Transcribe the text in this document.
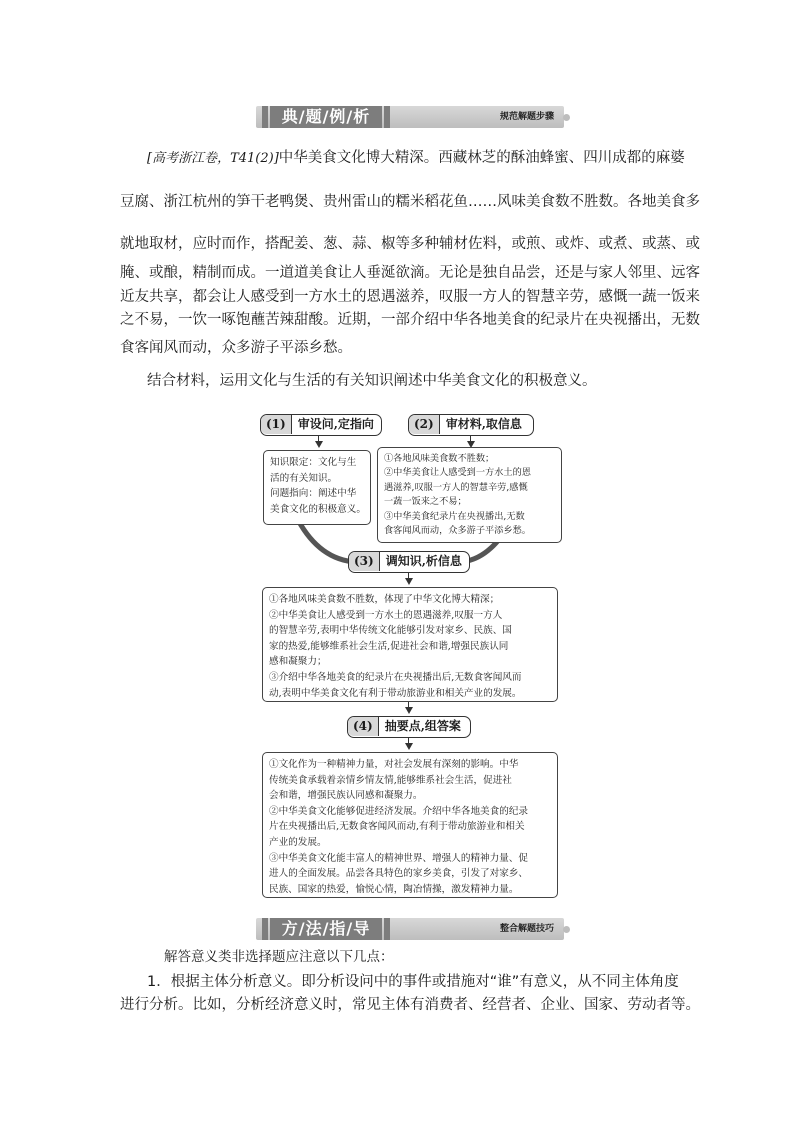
典/题/例/析	规范解题步骤
[高考浙江卷，T41(2)]中华美食文化博大精深。西藏林芝的酥油蜂蜜、四川成都的麻婆
豆腐、浙江杭州的笋干老鸭煲、贵州雷山的糯米稻花鱼……风味美食数不胜数。各地美食多
就地取材，应时而作，搭配姜、葱、蒜、椒等多种辅材佐料，或煎、或炸、或煮、或蒸、或
腌、或酿，精制而成。一道道美食让人垂涎欲滴。无论是独自品尝，还是与家人邻里、远客
近友共享，都会让人感受到一方水土的恩遇滋养，叹服一方人的智慧辛劳，感慨一蔬一饭来
之不易，一饮一啄饱蘸苦辣甜酸。近期，一部介绍中华各地美食的纪录片在央视播出，无数
食客闻风而动，众多游子平添乡愁。
结合材料，运用文化与生活的有关知识阐述中华美食文化的积极意义。
(1) 审设问,定指向	(2) 审材料,取信息
知识限定：文化与生
活的有关知识。
问题指向：阐述中华
美食文化的积极意义。
①各地风味美食数不胜数；
②中华美食让人感受到一方水土的恩
遇滋养,叹服一方人的智慧辛劳,感慨
一蔬一饭来之不易；
③中华美食纪录片在央视播出,无数
食客闻风而动，众多游子平添乡愁。
(3) 调知识,析信息
①各地风味美食数不胜数，体现了中华文化博大精深；
②中华美食让人感受到一方水土的恩遇滋养,叹服一方人
的智慧辛劳,表明中华传统文化能够引发对家乡、民族、国
家的热爱,能够维系社会生活,促进社会和谐,增强民族认同
感和凝聚力；
③介绍中华各地美食的纪录片在央视播出后,无数食客闻风而
动,表明中华美食文化有利于带动旅游业和相关产业的发展。
(4) 抽要点,组答案
①文化作为一种精神力量，对社会发展有深刻的影响。中华
传统美食承载着亲情乡情友情,能够维系社会生活，促进社
会和谐，增强民族认同感和凝聚力。
②中华美食文化能够促进经济发展。介绍中华各地美食的纪录
片在央视播出后,无数食客闻风而动,有利于带动旅游业和相关
产业的发展。
③中华美食文化能丰富人的精神世界、增强人的精神力量、促
进人的全面发展。品尝各具特色的家乡美食，引发了对家乡、
民族、国家的热爱，愉悦心情，陶冶情操，激发精神力量。
方/法/指/导	整合解题技巧
解答意义类非选择题应注意以下几点：
1．根据主体分析意义。即分析设问中的事件或措施对“谁”有意义，从不同主体角度
进行分析。比如，分析经济意义时，常见主体有消费者、经营者、企业、国家、劳动者等。
